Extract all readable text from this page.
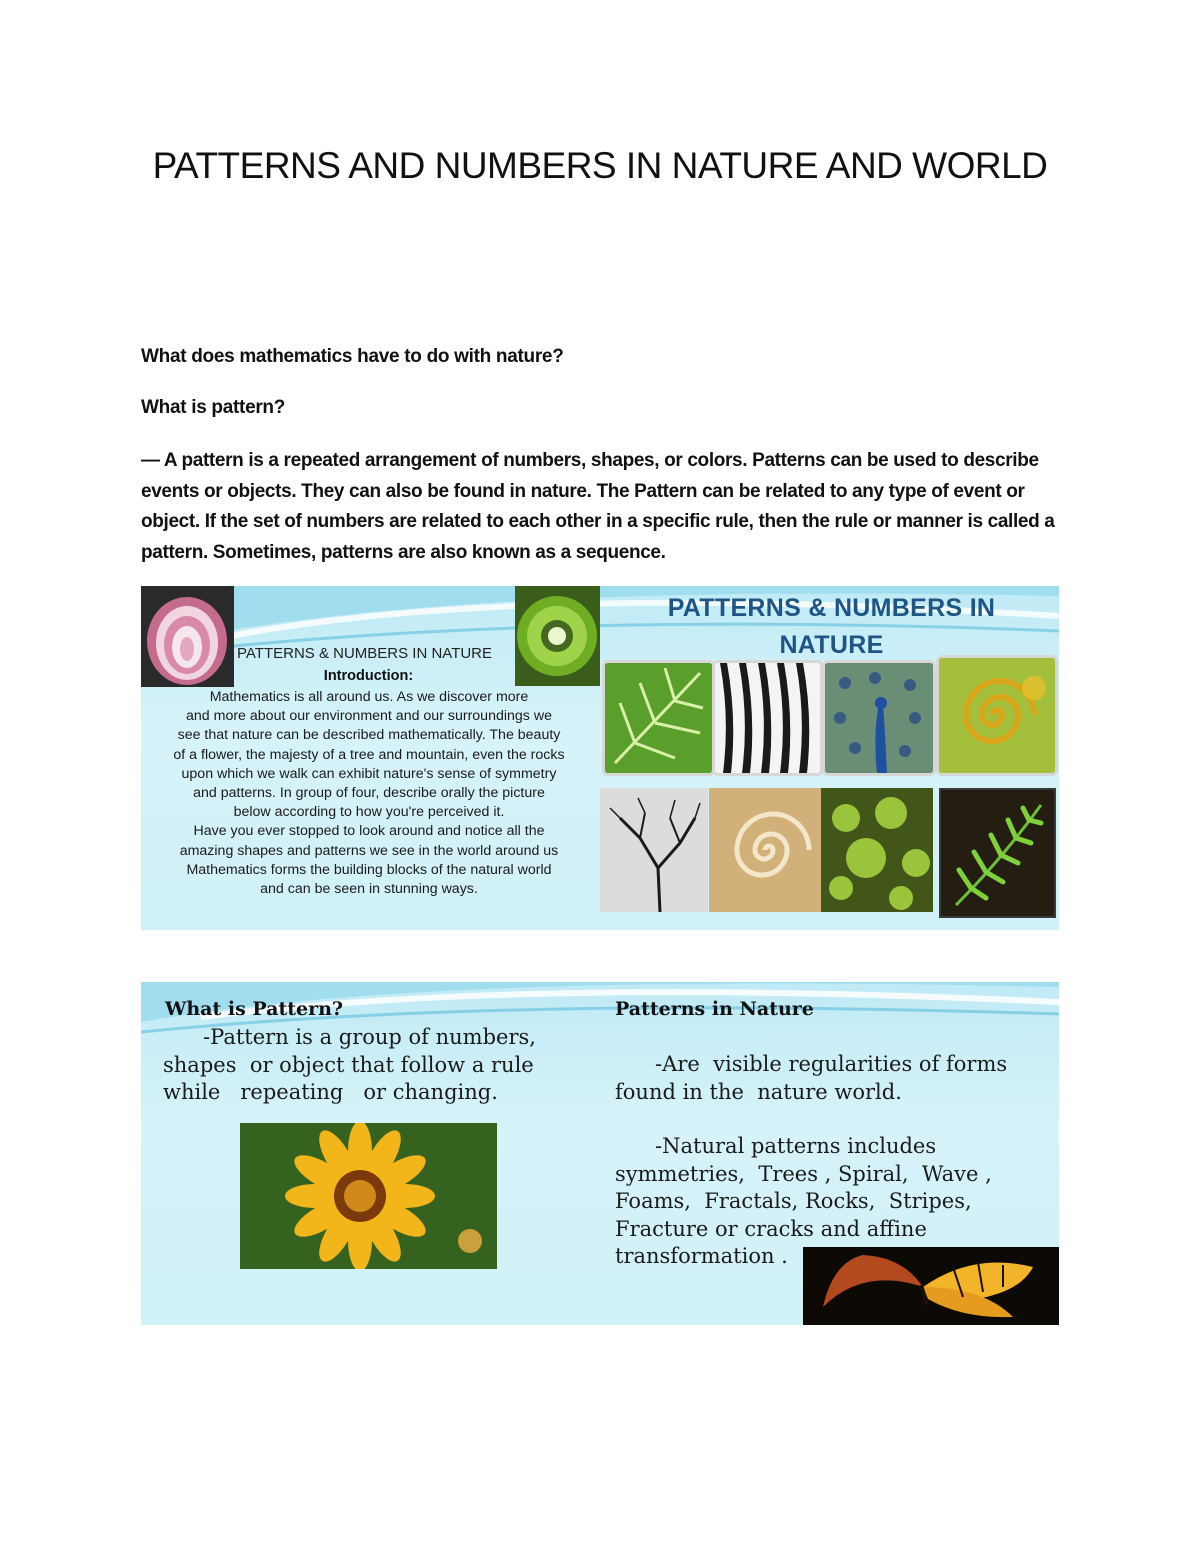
PATTERNS AND NUMBERS IN NATURE AND WORLD

What does mathematics have to do with nature?

What is pattern?

— A pattern is a repeated arrangement of numbers, shapes, or colors. Patterns can be used to describe events or objects. They can also be found in nature. The Pattern can be related to any type of event or object. If the set of numbers are related to each other in a specific rule, then the rule or manner is called a pattern. Sometimes, patterns are also known as a sequence.

PATTERNS & NUMBERS IN NATURE
Introduction:
Mathematics is all around us. As we discover more
and more about our environment and our surroundings we
see that nature can be described mathematically. The beauty
of a flower, the majesty of a tree and mountain, even the rocks
upon which we walk can exhibit nature's sense of symmetry
and patterns. In group of four, describe orally the picture
below according to how you're perceived it.
Have you ever stopped to look around and notice all the
amazing shapes and patterns we see in the world around us
Mathematics forms the building blocks of the natural world
and can be seen in stunning ways.
PATTERNS & NUMBERS IN
NATURE
What is Pattern?
-Pattern is a group of numbers,
shapes  or object that follow a rule
while   repeating   or changing.
Patterns in Nature
-Are  visible regularities of forms
found in the  nature world.
-Natural patterns includes
symmetries,  Trees , Spiral,  Wave ,
Foams,  Fractals, Rocks,  Stripes,
Fracture or cracks and affine
transformation .
